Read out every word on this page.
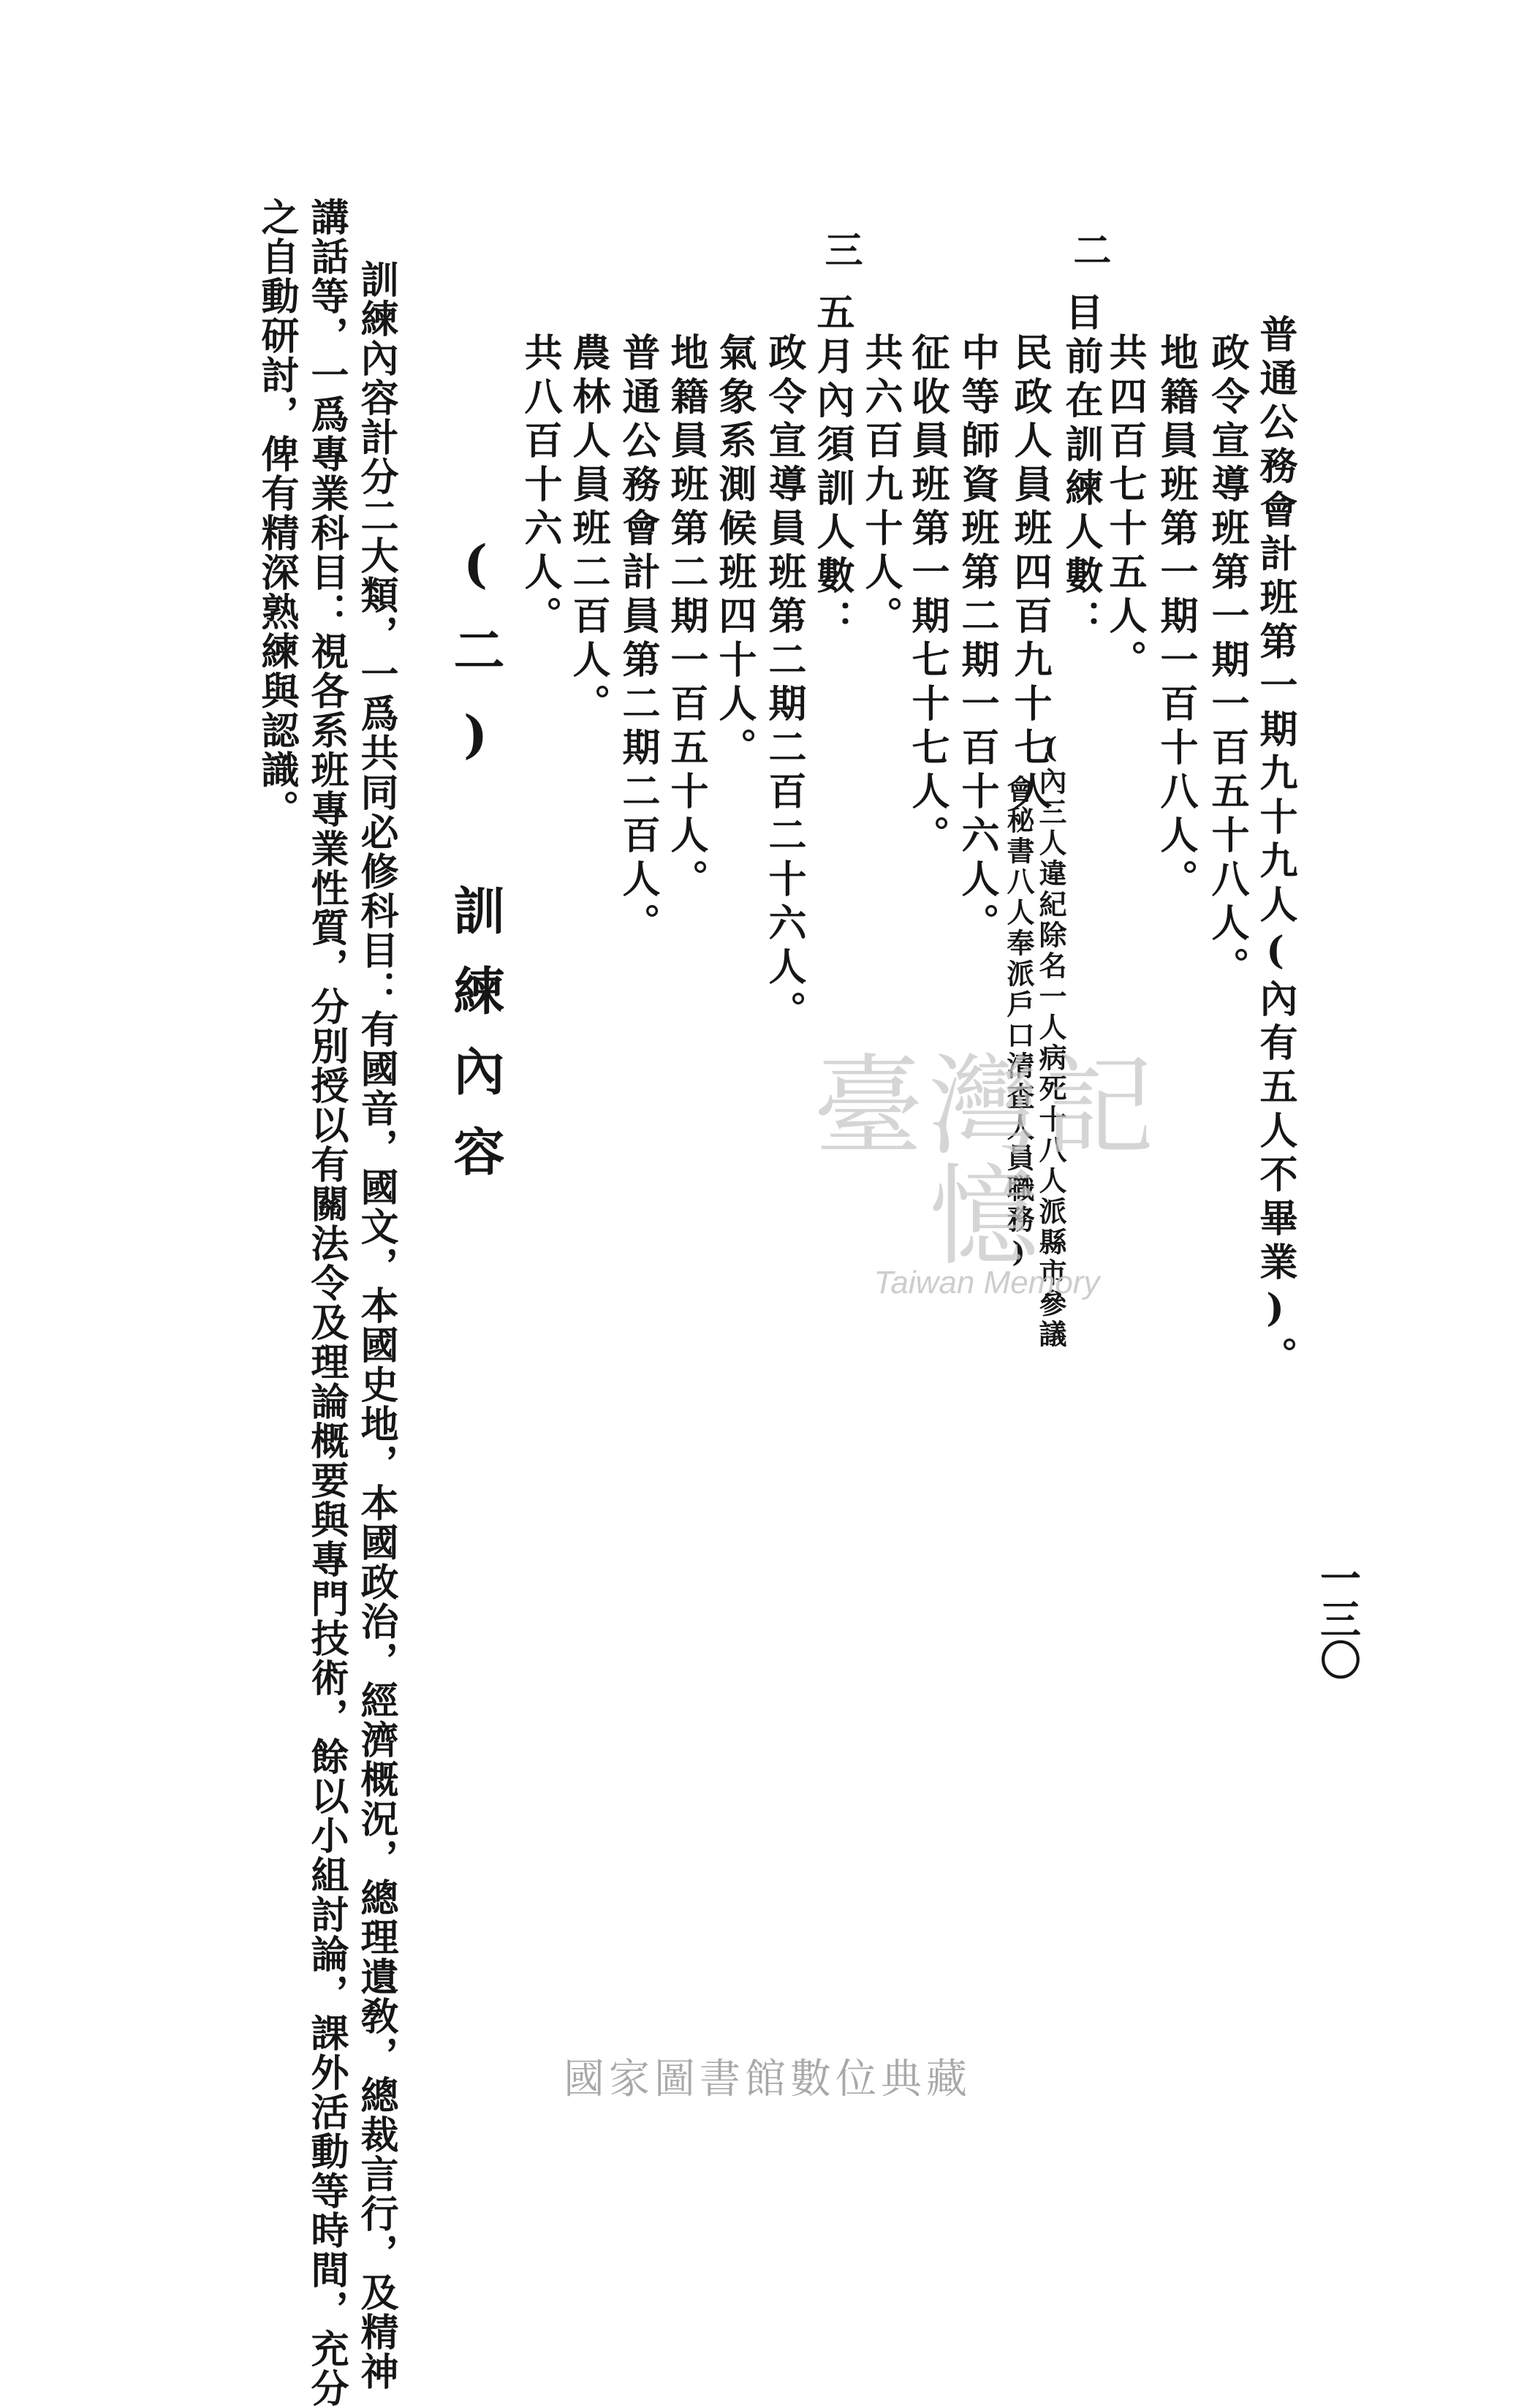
一三〇
普通公務會計班第一期九十九人(內有五人不畢業)。
政令宣導班第一期一百五十八人。
地籍員班第一期一百十八人。
共四百七十五人。
二
目前在訓練人數：
民政人員班四百九十七人
(內三人違紀除名一人病死十八人派縣市參議
會秘書八人奉派戶口清查人員職務)
中等師資班第二期一百十六人。
征收員班第一期七十七人。
共六百九十人。
三
五月內須訓人數：
政令宣導員班第二期二百二十六人。
氣象系測候班四十人。
地籍員班第二期一百五十人。
普通公務會計員第二期二百人。
農林人員班二百人。
共八百十六人。
(二) 訓練內容
訓練內容計分二大類，一爲共同必修科目：有國音，國文，本國史地，本國政治，經濟概況，總理遺敎，總裁言行，及精神
講話等，一爲專業科目：視各系班專業性質，分別授以有關法令及理論概要與專門技術，餘以小組討論，課外活動等時間，充分
之自動研討，俾有精深熟練與認識。
臺灣記憶
Taiwan Memory
國家圖書館數位典藏
